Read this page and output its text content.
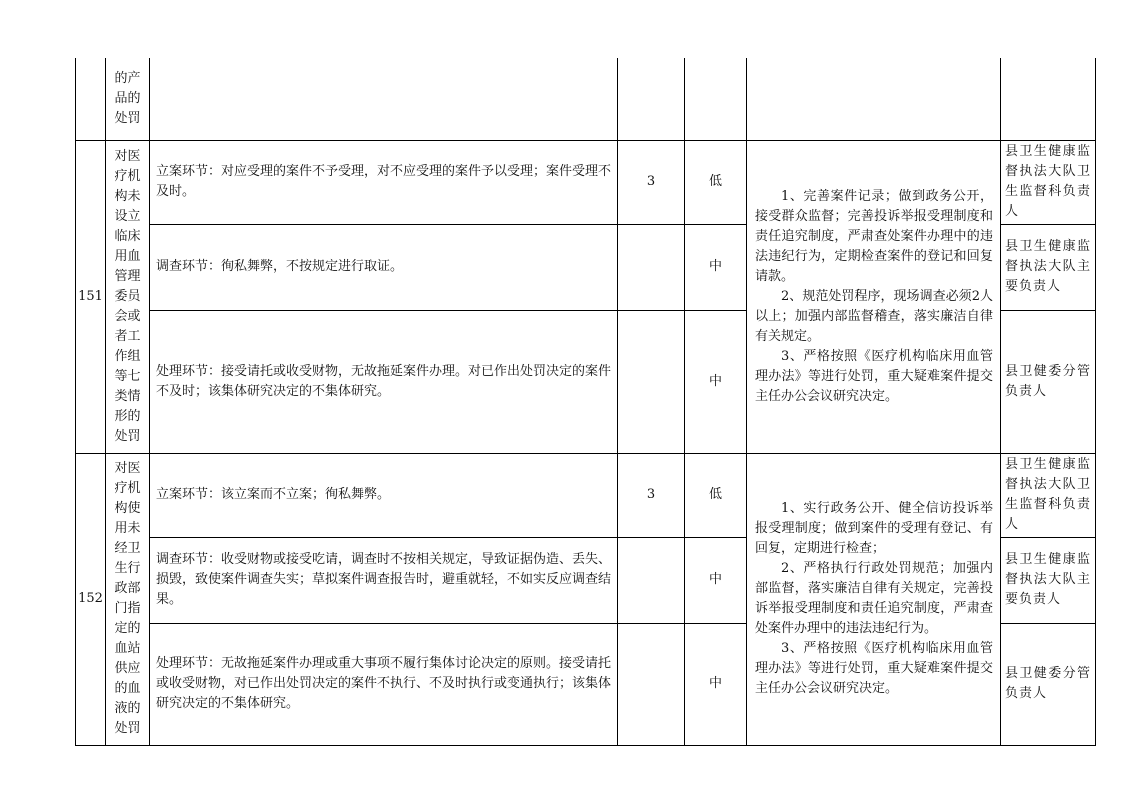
	的产品的处罚					

151	对医疗机构未设立临床用血管理委员会或者工作组等七类情形的处罚	立案环节：对应受理的案件不予受理，对不应受理的案件予以受理；案件受理不及时。	3	低	1、完善案件记录；做到政务公开，接受群众监督；完善投诉举报受理制度和责任追究制度，严肃查处案件办理中的违法违纪行为，定期检查案件的登记和回复请款。

2、规范处罚程序，现场调查必须2人以上；加强内部监督稽查，落实廉洁自律有关规定。

3、严格按照《医疗机构临床用血管理办法》等进行处罚，重大疑难案件提交主任办公会议研究决定。	县卫生健康监督执法大队卫生监督科负责人
		调查环节：徇私舞弊，不按规定进行取证。		中		县卫生健康监督执法大队主要负责人
		处理环节：接受请托或收受财物，无故拖延案件办理。对已作出处罚决定的案件不及时；该集体研究决定的不集体研究。		中		县卫健委分管负责人
152	对医疗机构使用未经卫生行政部门指定的血站供应的血液的处罚	立案环节：该立案而不立案；徇私舞弊。	3	低	1、实行政务公开、健全信访投诉举报受理制度；做到案件的受理有登记、有回复，定期进行检查；

2、严格执行行政处罚规范；加强内部监督，落实廉洁自律有关规定，完善投诉举报受理制度和责任追究制度，严肃查处案件办理中的违法违纪行为。

3、严格按照《医疗机构临床用血管理办法》等进行处罚，重大疑难案件提交主任办公会议研究决定。	县卫生健康监督执法大队卫生监督科负责人
		调查环节：收受财物或接受吃请，调查时不按相关规定，导致证据伪造、丢失、损毁，致使案件调查失实；草拟案件调查报告时，避重就轻，不如实反应调查结果。		中		县卫生健康监督执法大队主要负责人
		处理环节：无故拖延案件办理或重大事项不履行集体讨论决定的原则。接受请托或收受财物，对已作出处罚决定的案件不执行、不及时执行或变通执行；该集体研究决定的不集体研究。		中		县卫健委分管负责人
